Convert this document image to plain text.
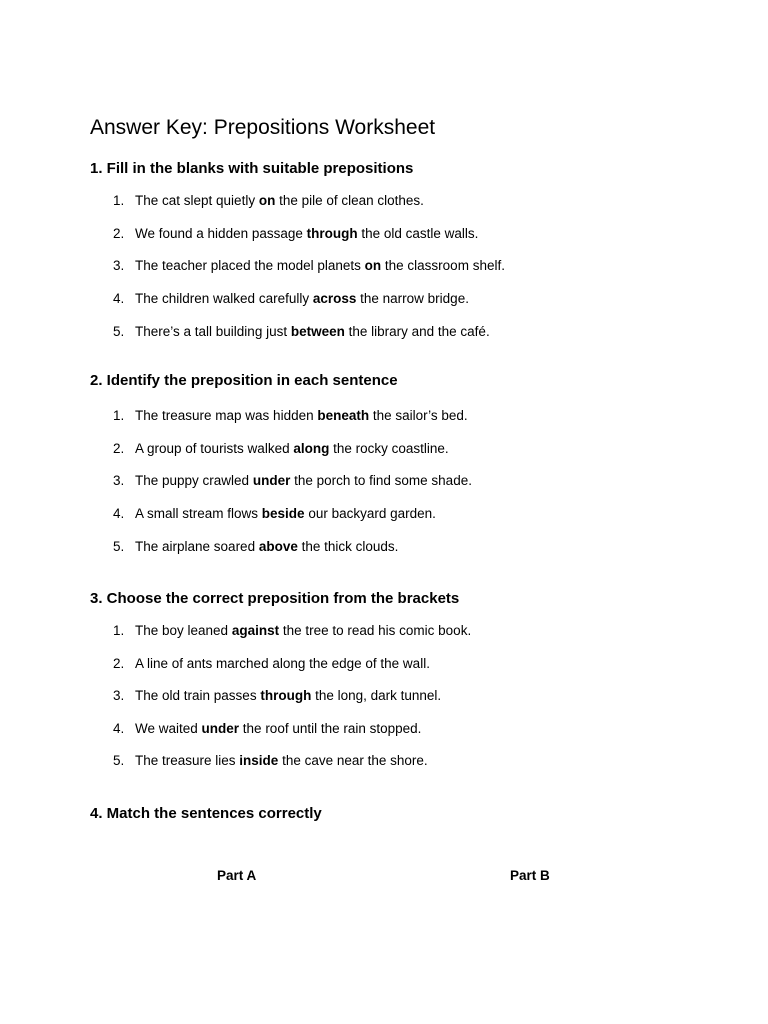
Answer Key: Prepositions Worksheet
1. Fill in the blanks with suitable prepositions
1. The cat slept quietly on the pile of clean clothes.
2. We found a hidden passage through the old castle walls.
3. The teacher placed the model planets on the classroom shelf.
4. The children walked carefully across the narrow bridge.
5. There’s a tall building just between the library and the café.
2. Identify the preposition in each sentence
1. The treasure map was hidden beneath the sailor’s bed.
2. A group of tourists walked along the rocky coastline.
3. The puppy crawled under the porch to find some shade.
4. A small stream flows beside our backyard garden.
5. The airplane soared above the thick clouds.
3. Choose the correct preposition from the brackets
1. The boy leaned against the tree to read his comic book.
2. A line of ants marched along the edge of the wall.
3. The old train passes through the long, dark tunnel.
4. We waited under the roof until the rain stopped.
5. The treasure lies inside the cave near the shore.
4. Match the sentences correctly
Part A	Part B
